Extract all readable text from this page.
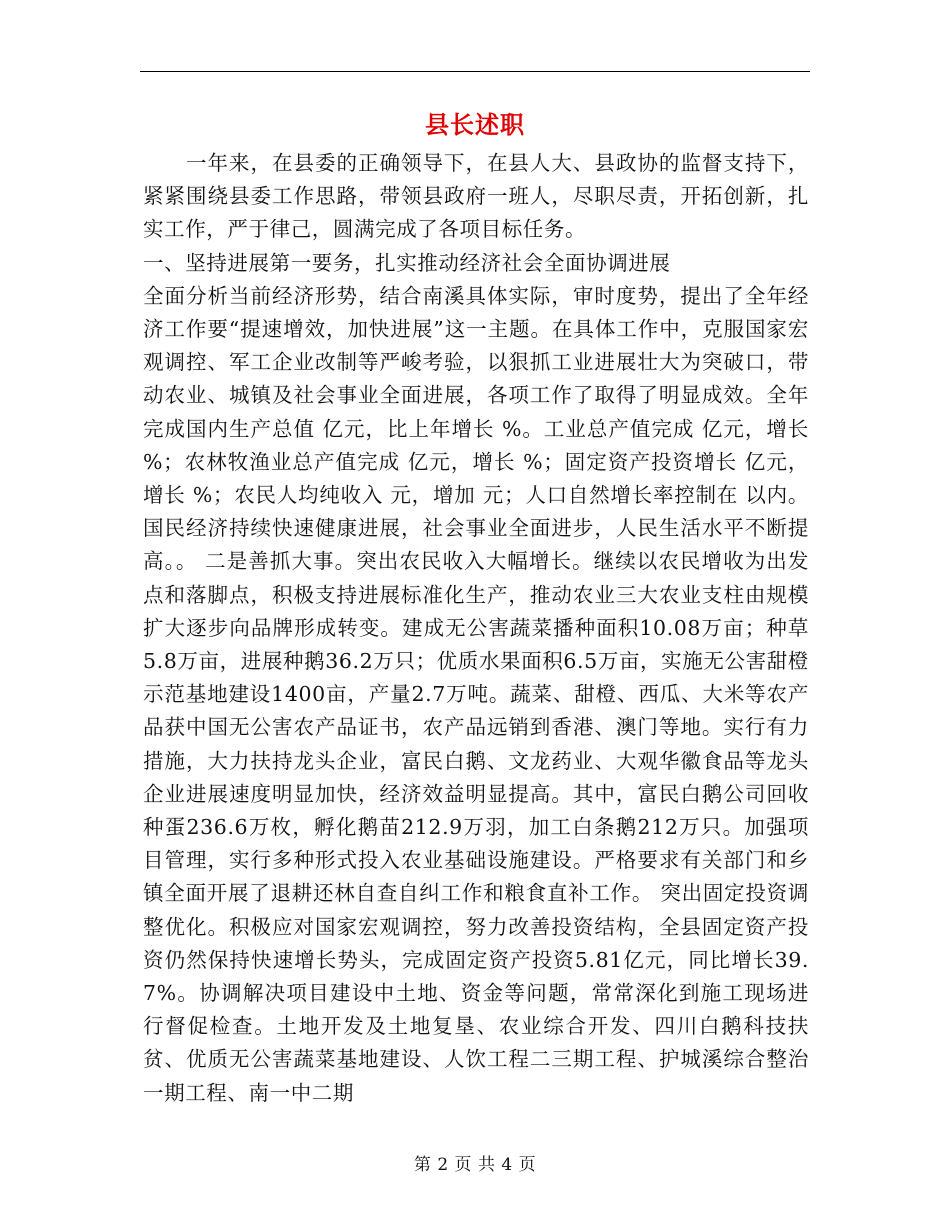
县长述职

　　一年来，在县委的正确领导下，在县人大、县政协的监督支持下，紧紧围绕县委工作思路，带领县政府一班人，尽职尽责，开拓创新，扎实工作，严于律己，圆满完成了各项目标任务。

一、坚持进展第一要务，扎实推动经济社会全面协调进展

全面分析当前经济形势，结合南溪具体实际，审时度势，提出了全年经济工作要“提速增效，加快进展”这一主题。在具体工作中，克服国家宏观调控、军工企业改制等严峻考验，以狠抓工业进展壮大为突破口，带动农业、城镇及社会事业全面进展，各项工作了取得了明显成效。全年完成国内生产总值 亿元，比上年增长 %。工业总产值完成 亿元，增长 %；农林牧渔业总产值完成 亿元，增长 %；固定资产投资增长 亿元，增长 %；农民人均纯收入 元，增加 元；人口自然增长率控制在 以内。国民经济持续快速健康进展，社会事业全面进步，人民生活水平不断提高。。 二是善抓大事。突出农民收入大幅增长。继续以农民增收为出发点和落脚点，积极支持进展标准化生产，推动农业三大农业支柱由规模扩大逐步向品牌形成转变。建成无公害蔬菜播种面积10.08万亩；种草5.8万亩，进展种鹅36.2万只；优质水果面积6.5万亩，实施无公害甜橙示范基地建设1400亩，产量2.7万吨。蔬菜、甜橙、西瓜、大米等农产品获中国无公害农产品证书，农产品远销到香港、澳门等地。实行有力措施，大力扶持龙头企业，富民白鹅、文龙药业、大观华徽食品等龙头企业进展速度明显加快，经济效益明显提高。其中，富民白鹅公司回收种蛋236.6万枚，孵化鹅苗212.9万羽，加工白条鹅212万只。加强项目管理，实行多种形式投入农业基础设施建设。严格要求有关部门和乡镇全面开展了退耕还林自查自纠工作和粮食直补工作。 突出固定投资调整优化。积极应对国家宏观调控，努力改善投资结构，全县固定资产投资仍然保持快速增长势头，完成固定资产投资5.81亿元，同比增长39.7%。协调解决项目建设中土地、资金等问题，常常深化到施工现场进行督促检查。土地开发及土地复垦、农业综合开发、四川白鹅科技扶贫、优质无公害蔬菜基地建设、人饮工程二三期工程、护城溪综合整治一期工程、南一中二期

第 2 页 共 4 页
